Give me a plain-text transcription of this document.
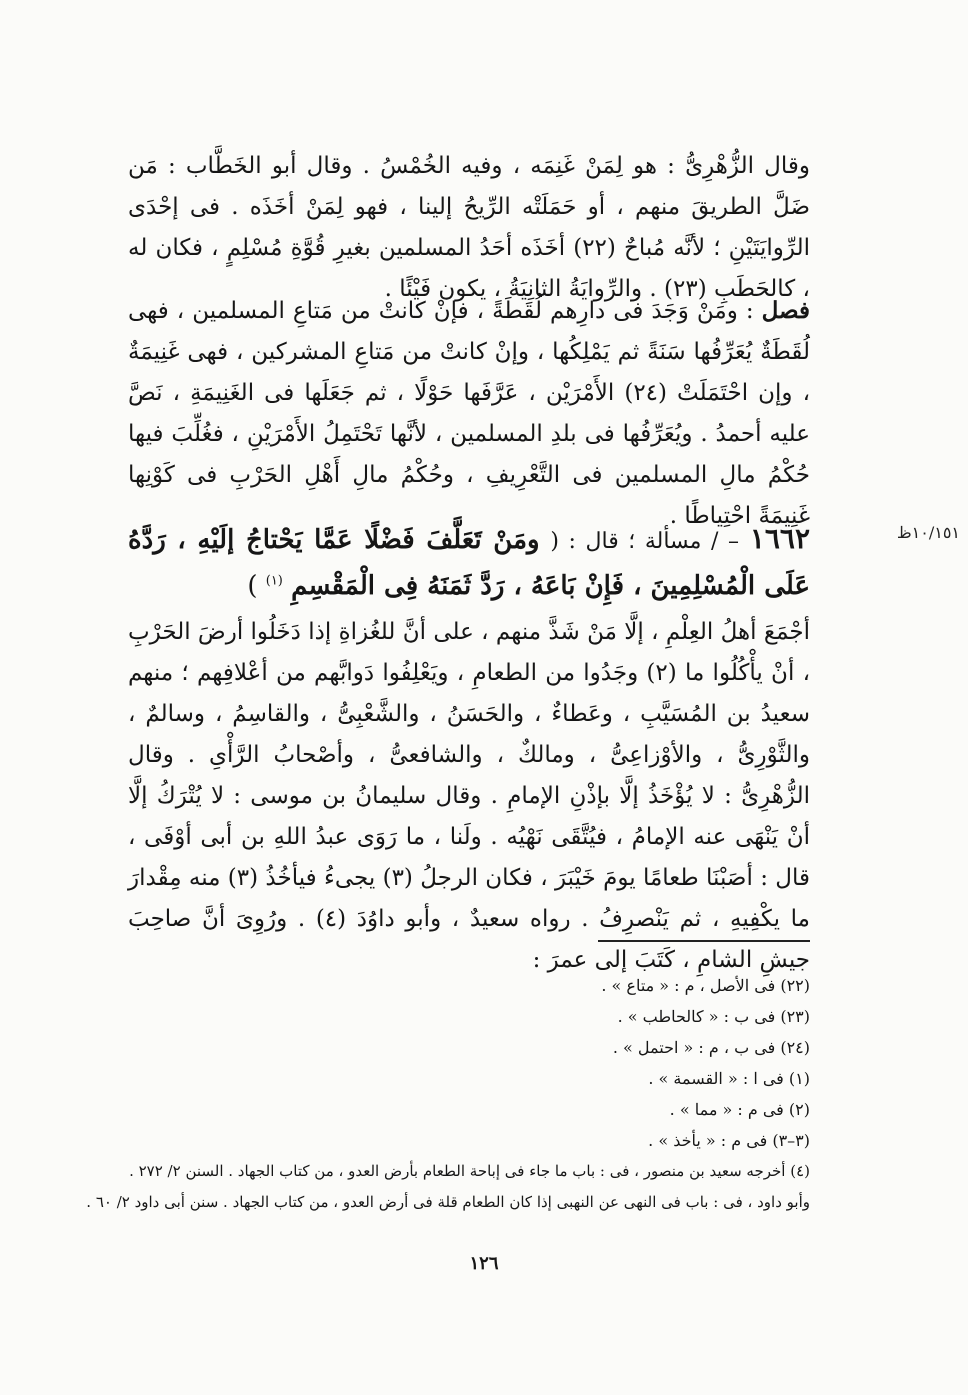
وقال الزُّهْرِىُّ : هو لِمَنْ غَنِمَه ، وفيه الخُمْسُ . وقال أبو الخَطَّاب : مَن ضَلَّ الطريقَ منهم ، أو حَمَلَتْه الرِّيحُ إلينا ، فهو لِمَنْ أخَذَه . فى إحْدَى الرِّوايَتَيْنِ ؛ لأنَّه مُباحٌ (٢٢) أخَذَه أحَدُ المسلمين بغيرِ قُوَّةِ مُسْلِمٍ ، فكان له ، كالحَطَبِ (٢٣) . والرِّوايَةُ الثانِيَةُ ، يكون فَيْئًا .

فصل : ومَنْ وَجَدَ فى دارِهم لُقَطَةً ، فإنْ كانتْ من مَتاعِ المسلمين ، فهى لُقَطَةٌ يُعَرِّفُها سَنَةً ثم يَمْلِكُها ، وإنْ كانتْ من مَتاعِ المشركين ، فهى غَنِيمَةٌ ، وإن احْتَمَلَتْ (٢٤) الأَمْرَيْن ، عَرَّفَها حَوْلًا ، ثم جَعَلَها فى الغَنِيمَةِ ، نَصَّ عليه أحمدُ . ويُعَرِّفُها فى بلدِ المسلمين ، لأنَّها تَحْتَمِلُ الأَمْرَيْنِ ، فغُلِّبَ فيها حُكْمُ مالِ المسلمين فى التَّعْرِيفِ ، وحُكْمُ مالِ أَهْلِ الحَرْبِ فى كَوْنِها غَنِيمَةً احْتِياطًا .

١٠/١٥١ظ

١٦٦٢ – / مسألة ؛ قال : ( ومَنْ تَعَلَّفَ فَضْلًا عَمَّا يَحْتاجُ إلَيْهِ ، رَدَّهُ عَلَى الْمُسْلِمِينَ ، فَإِنْ بَاعَهُ ، رَدَّ ثَمَنَهُ فِى الْمَقْسِمِ $^{(١)}$ )

أجْمَعَ أهلُ العِلْمِ ، إلَّا مَنْ شَذَّ منهم ، على أنَّ للغُزاةِ إذا دَخَلُوا أرضَ الحَرْبِ ، أنْ يأْكُلُوا ما (٢) وجَدُوا من الطعامِ ، ويَعْلِفُوا دَوابَّهم من أعْلافِهم ؛ منهم سعيدُ بن المُسَيَّبِ ، وعَطاءٌ ، والحَسَنُ ، والشَّعْبِىُّ ، والقاسِمُ ، وسالمٌ ، والثَّوْرِىُّ ، والأوْزاعِىُّ ، ومالكٌ ، والشافعىُّ ، وأصْحابُ الرَّأْىِ . وقال الزُّهْرِىُّ : لا يُؤْخَذُ إلَّا بإذْنِ الإمامِ . وقال سليمانُ بن موسى : لا يُتْرَكُ إلَّا أنْ يَنْهَى عنه الإمامُ ، فيُتَّقَى نَهْيُه . ولَنا ، ما رَوَى عبدُ اللهِ بن أبى أوْفَى ، قال : أصَبْنَا طعامًا يومَ خَيْبَرَ ، فكان الرجلُ (٣) يجىءُ فيأخُذُ (٣) منه مِقْدارَ ما يكْفِيهِ ، ثم يَنْصرِفُ . رواه سعيدٌ ، وأبو داوُدَ (٤) . ورُوِىَ أنَّ صاحِبَ جيشِ الشامِ ، كَتَبَ إلى عمرَ :

(٢٢) فى الأصل ، م : « متاع » .
(٢٣) فى ب : « كالحاطب » .
(٢٤) فى ب ، م : « احتمل » .
(١) فى ا : « القسمة » .
(٢) فى م : « مما » .
(٣–٣) فى م : « يأخذ » .
(٤) أخرجه سعيد بن منصور ، فى : باب ما جاء فى إباحة الطعام بأرض العدو ، من كتاب الجهاد . السنن ٢/ ٢٧٢ .
وأبو داود ، فى : باب فى النهى عن النهبى إذا كان الطعام قلة فى أرض العدو ، من كتاب الجهاد . سنن أبى داود ٢/ ٦٠ .
١٢٦
